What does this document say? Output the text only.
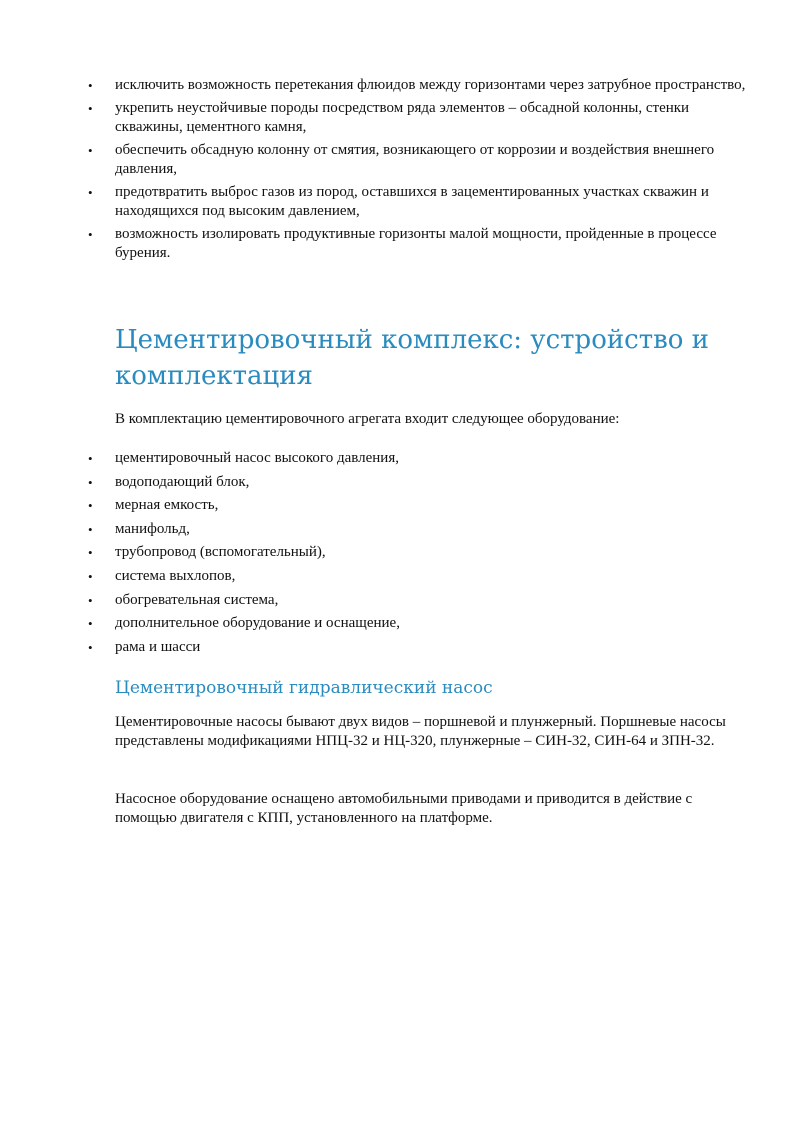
•	исключить возможность перетекания флюидов между горизонтами через затрубное пространство,
•	укрепить неустойчивые породы посредством ряда элементов – обсадной колонны, стенки скважины, цементного камня,
•	обеспечить обсадную колонну от смятия, возникающего от коррозии и воздействия внешнего давления,
•	предотвратить выброс газов из пород, оставшихся в зацементированных участках скважин и находящихся под высоким давлением,
•	возможность изолировать продуктивные горизонты малой мощности, пройденные в процессе бурения.
Цементировочный комплекс: устройство и комплектация

В комплектацию цементировочного агрегата входит следующее оборудование:

•	цементировочный насос высокого давления,
•	водоподающий блок,
•	мерная емкость,
•	манифольд,
•	трубопровод (вспомогательный),
•	система выхлопов,
•	обогревательная система,
•	дополнительное оборудование и оснащение,
•	рама и шасси
Цементировочный гидравлический насос

Цементировочные насосы бывают двух видов – поршневой и плунжерный. Поршневые насосы представлены модификациями НПЦ-32 и НЦ-320, плунжерные – СИН-32, СИН-64 и ЗПН-32.

Насосное оборудование оснащено автомобильными приводами и приводится в действие с помощью двигателя с КПП, установленного на платформе.
